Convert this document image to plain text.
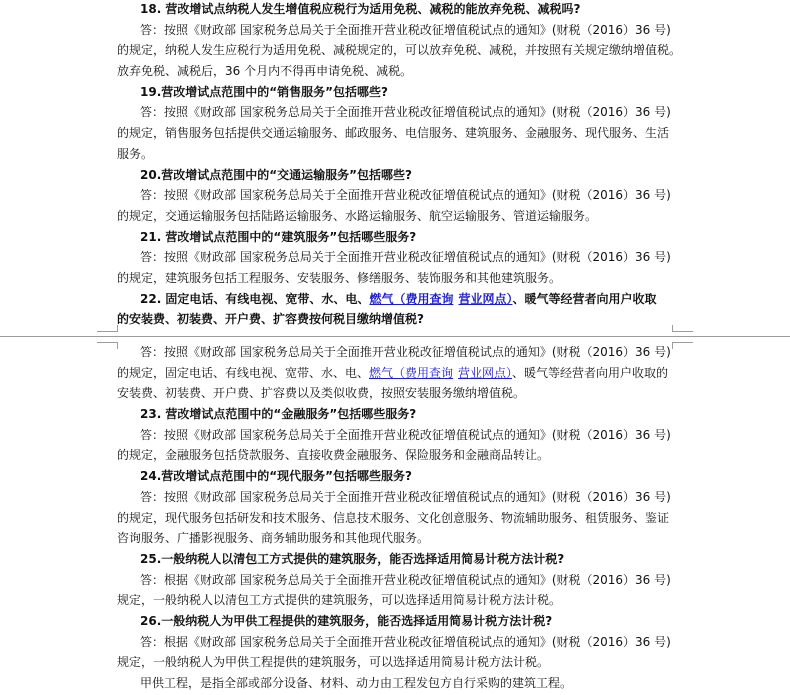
18. 营改增试点纳税人发生增值税应税行为适用免税、减税的能放弃免税、减税吗?
答：按照《财政部 国家税务总局关于全面推开营业税改征增值税试点的通知》(财税（2016）36 号)
的规定，纳税人发生应税行为适用免税、减税规定的，可以放弃免税、减税，并按照有关规定缴纳增值税。
放弃免税、减税后，36 个月内不得再申请免税、减税。
19.营改增试点范围中的“销售服务”包括哪些?
答：按照《财政部 国家税务总局关于全面推开营业税改征增值税试点的通知》(财税（2016）36 号)
的规定，销售服务包括提供交通运输服务、邮政服务、电信服务、建筑服务、金融服务、现代服务、生活
服务。
20.营改增试点范围中的“交通运输服务”包括哪些?
答：按照《财政部 国家税务总局关于全面推开营业税改征增值税试点的通知》(财税（2016）36 号)
的规定，交通运输服务包括陆路运输服务、水路运输服务、航空运输服务、管道运输服务。
21. 营改增试点范围中的“建筑服务”包括哪些服务?
答：按照《财政部 国家税务总局关于全面推开营业税改征增值税试点的通知》(财税（2016）36 号)
的规定，建筑服务包括工程服务、安装服务、修缮服务、装饰服务和其他建筑服务。
22. 固定电话、有线电视、宽带、水、电、燃气（费用查询 营业网点）、暖气等经营者向用户收取
的安装费、初装费、开户费、扩容费按何税目缴纳增值税?
答：按照《财政部 国家税务总局关于全面推开营业税改征增值税试点的通知》(财税（2016）36 号)
的规定，固定电话、有线电视、宽带、水、电、燃气（费用查询 营业网点）、暖气等经营者向用户收取的
安装费、初装费、开户费、扩容费以及类似收费，按照安装服务缴纳增值税。
23. 营改增试点范围中的“金融服务”包括哪些服务?
答：按照《财政部 国家税务总局关于全面推开营业税改征增值税试点的通知》(财税（2016）36 号)
的规定，金融服务包括贷款服务、直接收费金融服务、保险服务和金融商品转让。
24.营改增试点范围中的“现代服务”包括哪些服务?
答：按照《财政部 国家税务总局关于全面推开营业税改征增值税试点的通知》(财税（2016）36 号)
的规定，现代服务包括研发和技术服务、信息技术服务、文化创意服务、物流辅助服务、租赁服务、鉴证
咨询服务、广播影视服务、商务辅助服务和其他现代服务。
25.一般纳税人以清包工方式提供的建筑服务，能否选择适用简易计税方法计税?
答：根据《财政部 国家税务总局关于全面推开营业税改征增值税试点的通知》(财税（2016）36 号)
规定，一般纳税人以清包工方式提供的建筑服务，可以选择适用简易计税方法计税。
26.一般纳税人为甲供工程提供的建筑服务，能否选择适用简易计税方法计税?
答：根据《财政部 国家税务总局关于全面推开营业税改征增值税试点的通知》(财税（2016）36 号)
规定，一般纳税人为甲供工程提供的建筑服务，可以选择适用简易计税方法计税。
甲供工程，是指全部或部分设备、材料、动力由工程发包方自行采购的建筑工程。
